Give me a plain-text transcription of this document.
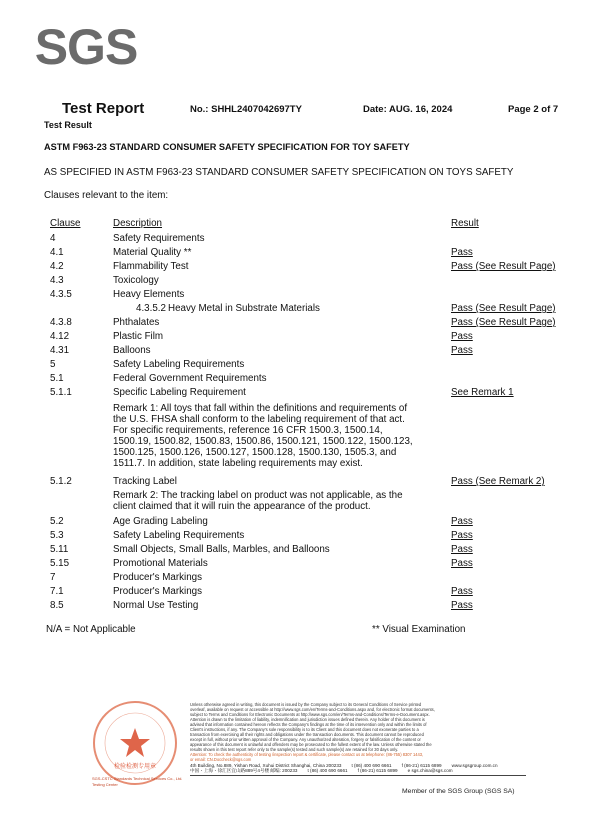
SGS
Test Report	No.: SHHL2407042697TY	Date: AUG. 16, 2024	Page 2 of 7
Test Result
ASTM F963-23 STANDARD CONSUMER SAFETY SPECIFICATION FOR TOY SAFETY
AS SPECIFIED IN ASTM F963-23 STANDARD CONSUMER SAFETY SPECIFICATION ON TOYS SAFETY
Clauses relevant to the item:
Clause	Description	Result
4	Safety Requirements
4.1	Material Quality **	Pass
4.2	Flammability Test	Pass (See Result Page)
4.3	Toxicology
4.3.5	Heavy Elements
4.3.5.2 Heavy Metal in Substrate Materials	Pass (See Result Page)
4.3.8	Phthalates	Pass (See Result Page)
4.12	Plastic Film	Pass
4.31	Balloons	Pass
5	Safety Labeling Requirements
5.1	Federal Government Requirements
5.1.1	Specific Labeling Requirement	See Remark 1
5.1.2	Tracking Label	Pass (See Remark 2)
5.2	Age Grading Labeling	Pass
5.3	Safety Labeling Requirements	Pass
5.11	Small Objects, Small Balls, Marbles, and Balloons	Pass
5.15	Promotional Materials	Pass
7	Producer's Markings
7.1	Producer's Markings	Pass
8.5	Normal Use Testing	Pass
Remark 1: All toys that fall within the definitions and requirements of
the U.S. FHSA shall conform to the labeling requirement of that act.
For specific requirements, reference 16 CFR 1500.3, 1500.14,
1500.19, 1500.82, 1500.83, 1500.86, 1500.121, 1500.122, 1500.123,
1500.125, 1500.126, 1500.127, 1500.128, 1500.130, 1505.3, and
1511.7. In addition, state labeling requirements may exist.
Remark 2: The tracking label on product was not applicable, as the
client claimed that it will ruin the appearance of the product.
N/A = Not Applicable	** Visual Examination
检验检测专用章
SGS-CSTC Standards Technical Services Co., Ltd.
Testing Center
Unless otherwise agreed in writing, this document is issued by the Company subject to its General Conditions of Service printed
overleaf, available on request or accessible at http://www.sgs.com/en/Terms-and-Conditions.aspx and, for electronic format documents,
subject to Terms and Conditions for Electronic Documents at http://www.sgs.com/en/Terms-and-Conditions/Terms-e-Document.aspx.
Attention is drawn to the limitation of liability, indemnification and jurisdiction issues defined therein. Any holder of this document is
advised that information contained hereon reflects the Company's findings at the time of its intervention only and within the limits of
Client's instructions, if any. The Company's sole responsibility is to its Client and this document does not exonerate parties to a
transaction from exercising all their rights and obligations under the transaction documents. This document cannot be reproduced
except in full, without prior written approval of the Company. Any unauthorized alteration, forgery or falsification of the content or
appearance of this document is unlawful and offenders may be prosecuted to the fullest extent of the law. Unless otherwise stated the
results shown in this test report refer only to the sample(s) tested and such sample(s) are retained for 30 days only.
Attention: To check the authenticity of testing /inspection report & certificate, please contact us at telephone: (86-755) 8307 1443,
or email: CN.Doccheck@sgs.com
4th Building, No.889, Yishan Road, Xuhui District Shanghai, China 200233 t (86) 400 690 6661 f (86-21) 6115 6899 www.sgsgroup.com.cn
中国・上海・徐汇区宜山路889号4号楼 邮编: 200233 t (86) 400 690 6661 f (86-21) 6115 6899 e sgs.china@sgs.com
Member of the SGS Group (SGS SA)
